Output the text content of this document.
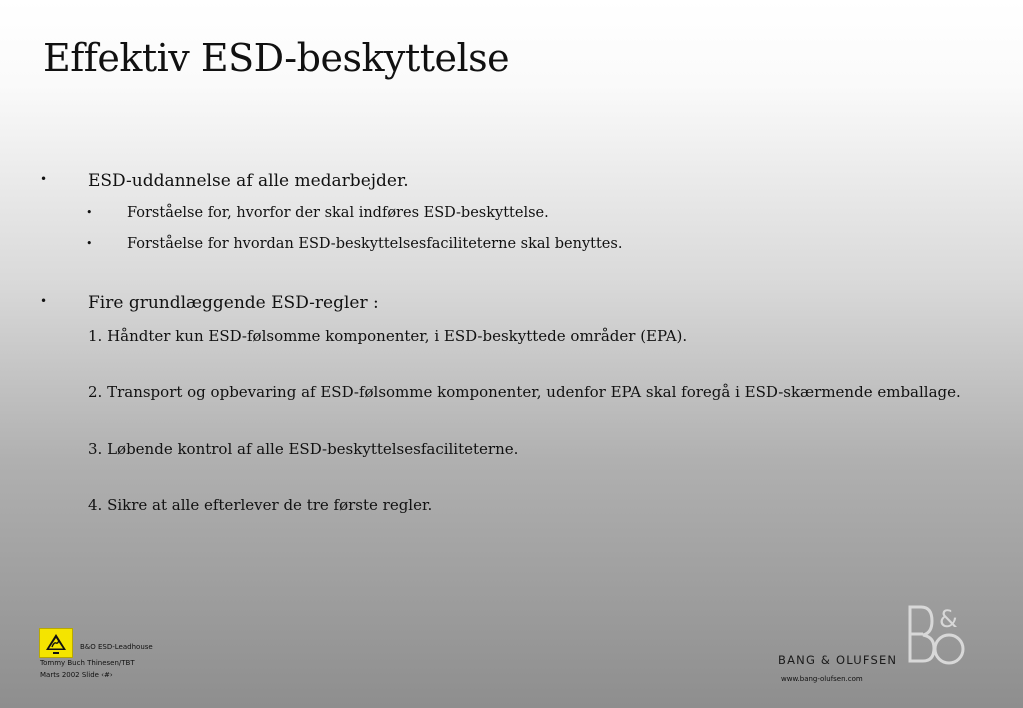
Effektiv ESD-beskyttelse
• ESD-uddannelse af alle medarbejder.
• Forståelse for, hvorfor der skal indføres ESD-beskyttelse.
• Forståelse for hvordan ESD-beskyttelsesfaciliteterne skal benyttes.
• Fire grundlæggende ESD-regler :
1. Håndter kun ESD-følsomme komponenter, i ESD-beskyttede områder (EPA).
2. Transport og opbevaring af ESD-følsomme komponenter, udenfor EPA skal foregå i ESD-skærmende emballage.
3. Løbende kontrol af alle ESD-beskyttelsesfaciliteterne.
4. Sikre at alle efterlever de tre første regler.
B&O ESD-Leadhouse
Tommy Buch Thinesen/TBT
Marts 2002 Slide ‹#›
BANG & OLUFSEN
www.bang-olufsen.com
&
